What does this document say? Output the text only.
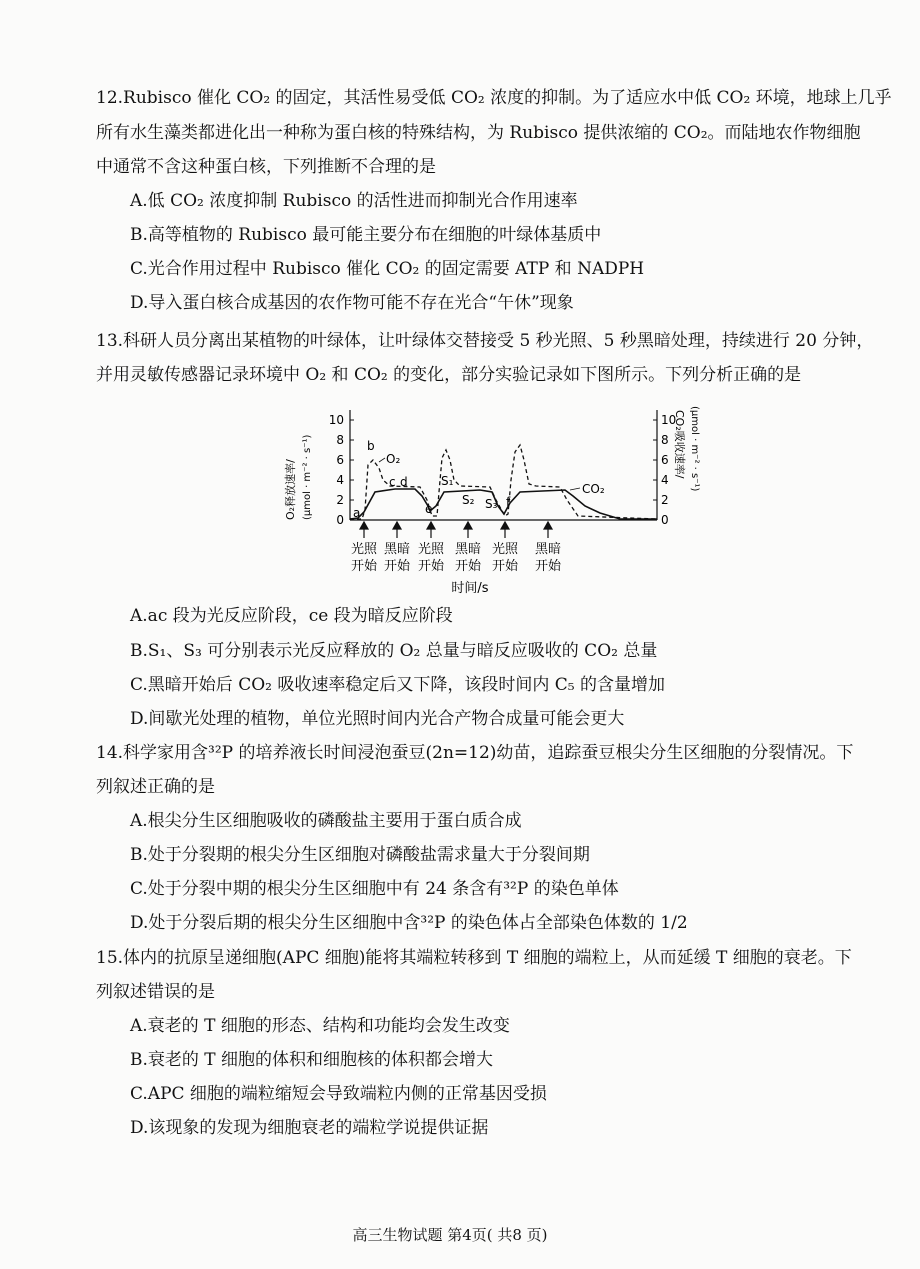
12.Rubisco 催化 CO₂ 的固定，其活性易受低 CO₂ 浓度的抑制。为了适应水中低 CO₂ 环境，地球上几乎
所有水生藻类都进化出一种称为蛋白核的特殊结构，为 Rubisco 提供浓缩的 CO₂。而陆地农作物细胞
中通常不含这种蛋白核，下列推断不合理的是
A.低 CO₂ 浓度抑制 Rubisco 的活性进而抑制光合作用速率
B.高等植物的 Rubisco 最可能主要分布在细胞的叶绿体基质中
C.光合作用过程中 Rubisco 催化 CO₂ 的固定需要 ATP 和 NADPH
D.导入蛋白核合成基因的农作物可能不存在光合“午休”现象
13.科研人员分离出某植物的叶绿体，让叶绿体交替接受 5 秒光照、5 秒黑暗处理，持续进行 20 分钟，
并用灵敏传感器记录环境中 O₂ 和 CO₂ 的变化，部分实验记录如下图所示。下列分析正确的是
0
2
4
6
8
10
0
2
4
6
8
10
O₂释放速率/ (μmol · m⁻² · s⁻¹)	CO₂吸收速率/ (μmol · m⁻² · s⁻¹)
O₂
CO₂
a
b
c d
e
S₁
S₂ S₃ f
光照
开始
黑暗
开始
光照
开始
黑暗
开始
光照
开始
黑暗
开始
时间/s
A.ac 段为光反应阶段，ce 段为暗反应阶段
B.S₁、S₃ 可分别表示光反应释放的 O₂ 总量与暗反应吸收的 CO₂ 总量
C.黑暗开始后 CO₂ 吸收速率稳定后又下降，该段时间内 C₅ 的含量增加
D.间歇光处理的植物，单位光照时间内光合产物合成量可能会更大
14.科学家用含³²P 的培养液长时间浸泡蚕豆(2n=12)幼苗，追踪蚕豆根尖分生区细胞的分裂情况。下
列叙述正确的是
A.根尖分生区细胞吸收的磷酸盐主要用于蛋白质合成
B.处于分裂期的根尖分生区细胞对磷酸盐需求量大于分裂间期
C.处于分裂中期的根尖分生区细胞中有 24 条含有³²P 的染色单体
D.处于分裂后期的根尖分生区细胞中含³²P 的染色体占全部染色体数的 1/2
15.体内的抗原呈递细胞(APC 细胞)能将其端粒转移到 T 细胞的端粒上，从而延缓 T 细胞的衰老。下
列叙述错误的是
A.衰老的 T 细胞的形态、结构和功能均会发生改变
B.衰老的 T 细胞的体积和细胞核的体积都会增大
C.APC 细胞的端粒缩短会导致端粒内侧的正常基因受损
D.该现象的发现为细胞衰老的端粒学说提供证据
高三生物试题 第4页( 共8 页)
